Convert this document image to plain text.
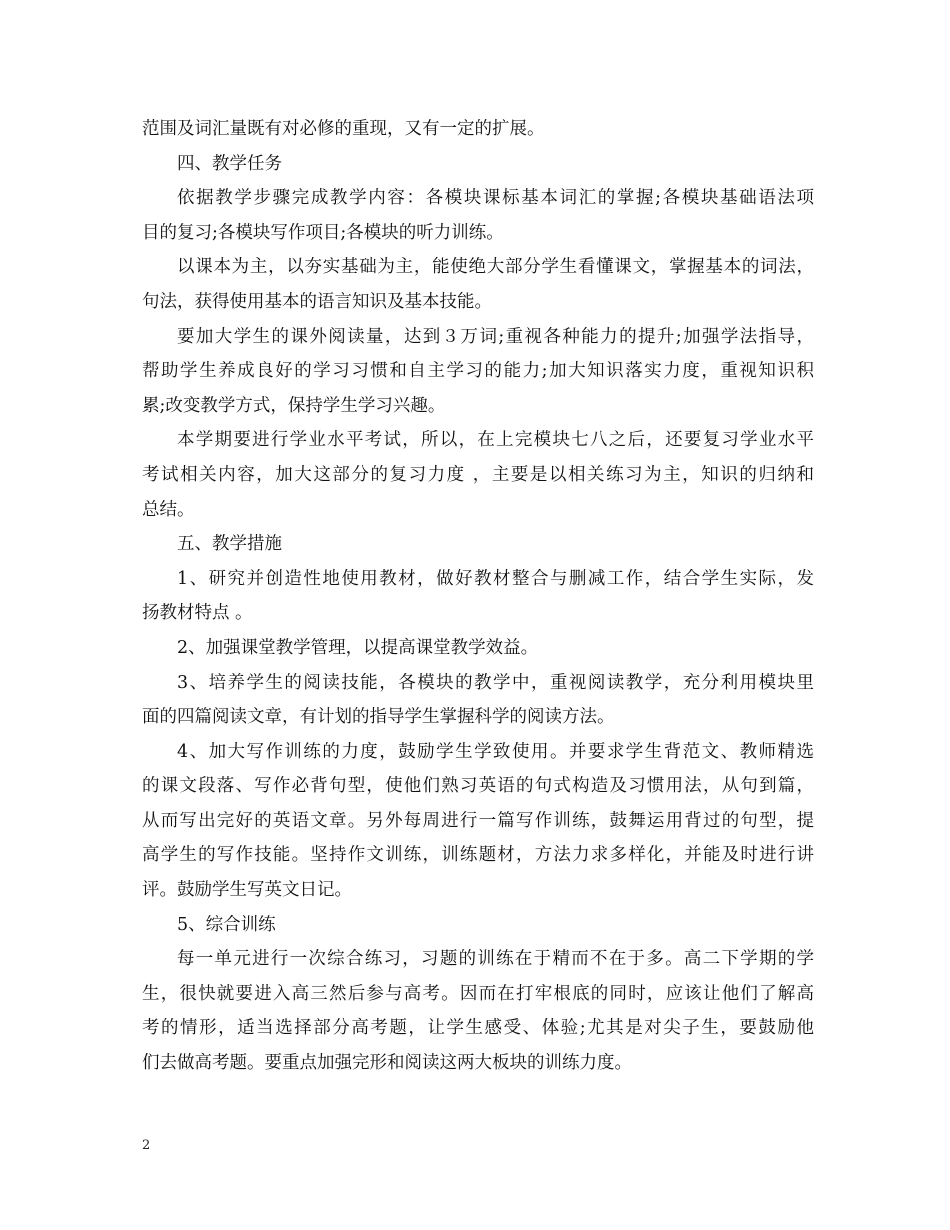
范围及词汇量既有对必修的重现，又有一定的扩展。
四、教学任务
依据教学步骤完成教学内容：各模块课标基本词汇的掌握;各模块基础语法项
目的复习;各模块写作项目;各模块的听力训练。
以课本为主，以夯实基础为主，能使绝大部分学生看懂课文，掌握基本的词法，
句法，获得使用基本的语言知识及基本技能。
要加大学生的课外阅读量，达到３万词;重视各种能力的提升;加强学法指导，
帮助学生养成良好的学习习惯和自主学习的能力;加大知识落实力度，重视知识积
累;改变教学方式，保持学生学习兴趣。
本学期要进行学业水平考试，所以，在上完模块七八之后，还要复习学业水平
考试相关内容，加大这部分的复习力度 ，主要是以相关练习为主，知识的归纳和
总结。
五、教学措施
1、研究并创造性地使用教材，做好教材整合与删减工作，结合学生实际，发
扬教材特点 。
2、加强课堂教学管理，以提高课堂教学效益。
3、培养学生的阅读技能，各模块的教学中，重视阅读教学，充分利用模块里
面的四篇阅读文章，有计划的指导学生掌握科学的阅读方法。
4、加大写作训练的力度，鼓励学生学致使用。并要求学生背范文、教师精选
的课文段落、写作必背句型，使他们熟习英语的句式构造及习惯用法，从句到篇，
从而写出完好的英语文章。另外每周进行一篇写作训练，鼓舞运用背过的句型，提
高学生的写作技能。坚持作文训练，训练题材，方法力求多样化，并能及时进行讲
评。鼓励学生写英文日记。
5、综合训练
每一单元进行一次综合练习，习题的训练在于精而不在于多。高二下学期的学
生，很快就要进入高三然后参与高考。因而在打牢根底的同时，应该让他们了解高
考的情形，适当选择部分高考题，让学生感受、体验;尤其是对尖子生，要鼓励他
们去做高考题。要重点加强完形和阅读这两大板块的训练力度。
2
